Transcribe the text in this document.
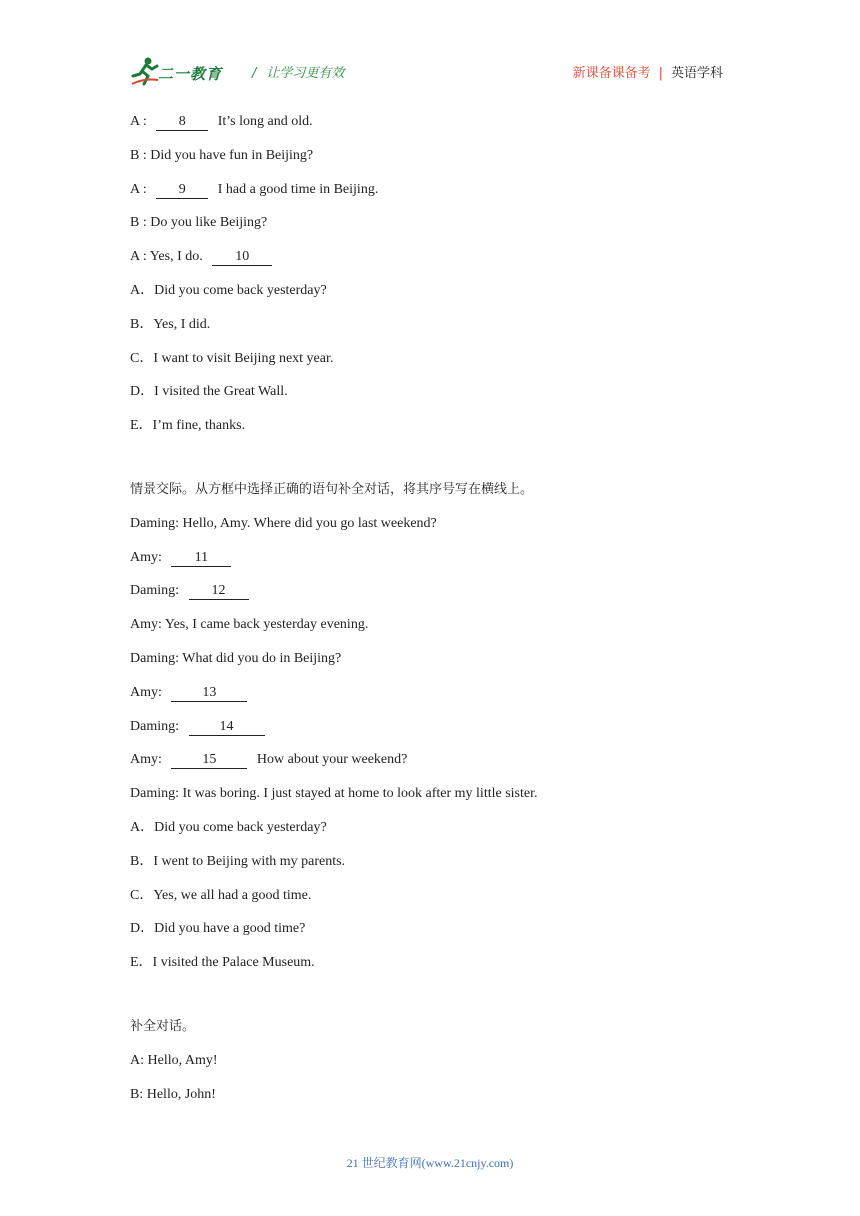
二一教育 / 让学习更有效	新课备课备考 | 英语学科
A : 8 It’s long and old.
B : Did you have fun in Beijing?
A : 9 I had a good time in Beijing.
B : Do you like Beijing?
A : Yes, I do. 10
A．Did you come back yesterday?
B．Yes, I did.
C．I want to visit Beijing next year.
D．I visited the Great Wall.
E．I’m fine, thanks.
情景交际。从方框中选择正确的语句补全对话，将其序号写在横线上。
Daming: Hello, Amy. Where did you go last weekend?
Amy: 11
Daming: 12
Amy: Yes, I came back yesterday evening.
Daming: What did you do in Beijing?
Amy:	13
Daming:	14
Amy:	15	How about your weekend?
Daming: It was boring. I just stayed at home to look after my little sister.
A．Did you come back yesterday?
B．I went to Beijing with my parents.
C．Yes, we all had a good time.
D．Did you have a good time?
E．I visited the Palace Museum.
补全对话。
A: Hello, Amy!
B: Hello, John!
21 世纪教育网(www.21cnjy.com)
